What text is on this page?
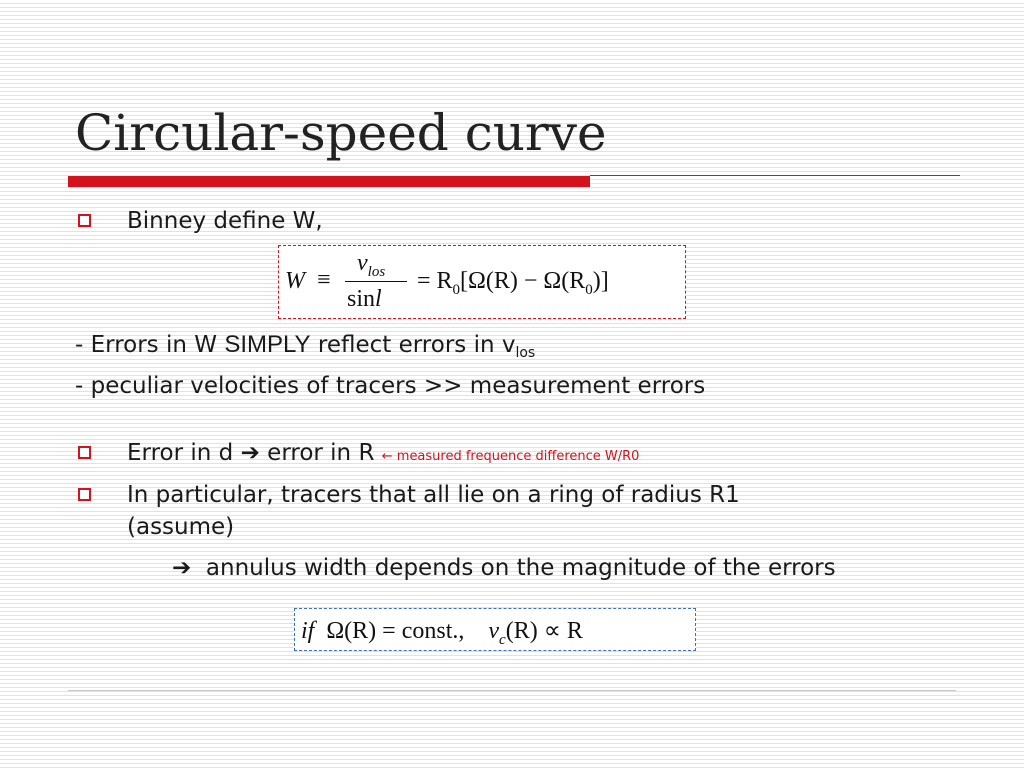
Circular-speed curve
Binney define W,
W ≡
$v_{los}$
sinl
= $R_0[\Omega(R) - \Omega(R_0)]$
- Errors in W SIMPLY reflect errors in $v_{los}$
- peculiar velocities of tracers >> measurement errors
Error in d ➔ error in R ← measured frequence difference W/R0
In particular, tracers that all lie on a ring of radius R1
(assume)
➔ annulus width depends on the magnitude of the errors
if Ω(R) = const., $v_c(R) \propto R$
